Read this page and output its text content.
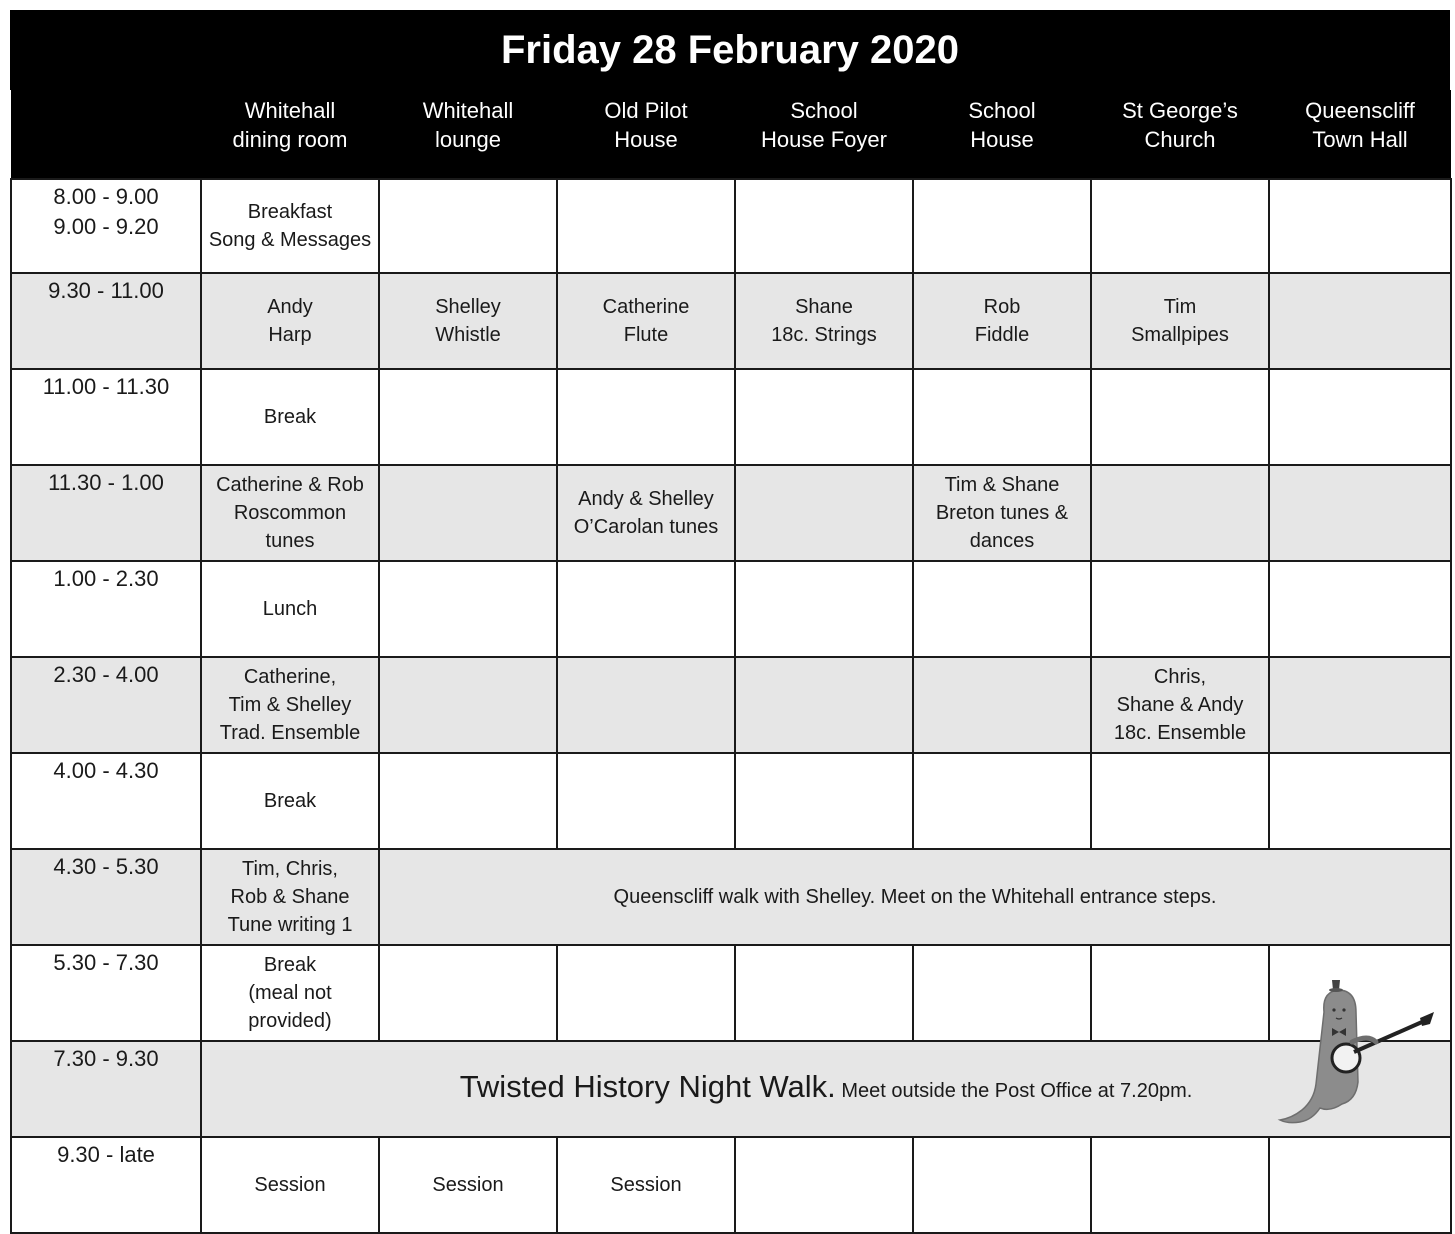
Friday 28 February 2020
	Whitehall
dining room	Whitehall
lounge	Old Pilot
House	School
House Foyer	School
House	St George’s
Church	Queenscliff
Town Hall
8.00 - 9.00
9.00 - 9.20	Breakfast
Song & Messages						
9.30 - 11.00	Andy
Harp	Shelley
Whistle	Catherine
Flute	Shane
18c. Strings	Rob
Fiddle	Tim
Smallpipes	
11.00 - 11.30	Break						
11.30 - 1.00	Catherine & Rob
Roscommon
tunes		Andy & Shelley
O’Carolan tunes		Tim & Shane
Breton tunes &
dances		
1.00 - 2.30	Lunch						
2.30 - 4.00	Catherine,
Tim & Shelley
Trad. Ensemble					Chris,
Shane & Andy
18c. Ensemble	
4.00 - 4.30	Break						
4.30 - 5.30	Tim, Chris,
Rob & Shane
Tune writing 1	Queenscliff walk with Shelley. Meet on the Whitehall entrance steps.					
5.30 - 7.30	Break
(meal not
provided)						
7.30 - 9.30	Twisted History Night Walk. Meet outside the Post Office at 7.20pm.						
9.30 - late	Session	Session	Session				
